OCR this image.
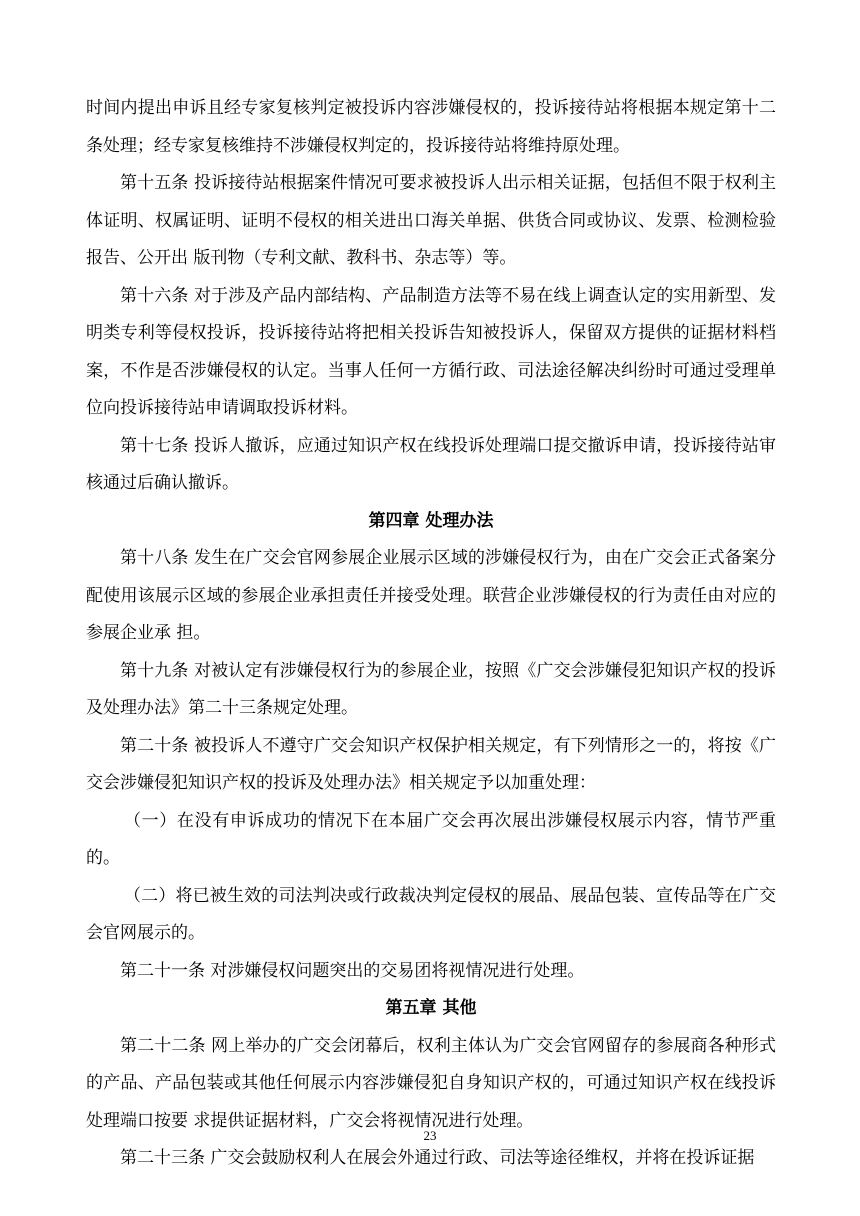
时间内提出申诉且经专家复核判定被投诉内容涉嫌侵权的，投诉接待站将根据本规定第十二条处理；经专家复核维持不涉嫌侵权判定的，投诉接待站将维持原处理。

第十五条 投诉接待站根据案件情况可要求被投诉人出示相关证据，包括但不限于权利主体证明、权属证明、证明不侵权的相关进出口海关单据、供货合同或协议、发票、检测检验报告、公开出 版刊物（专利文献、教科书、杂志等）等。

第十六条 对于涉及产品内部结构、产品制造方法等不易在线上调查认定的实用新型、发明类专利等侵权投诉，投诉接待站将把相关投诉告知被投诉人，保留双方提供的证据材料档案，不作是否涉嫌侵权的认定。当事人任何一方循行政、司法途径解决纠纷时可通过受理单位向投诉接待站申请调取投诉材料。

第十七条 投诉人撤诉，应通过知识产权在线投诉处理端口提交撤诉申请，投诉接待站审核通过后确认撤诉。

第四章 处理办法

第十八条 发生在广交会官网参展企业展示区域的涉嫌侵权行为，由在广交会正式备案分配使用该展示区域的参展企业承担责任并接受处理。联营企业涉嫌侵权的行为责任由对应的参展企业承 担。

第十九条 对被认定有涉嫌侵权行为的参展企业，按照《广交会涉嫌侵犯知识产权的投诉及处理办法》第二十三条规定处理。

第二十条 被投诉人不遵守广交会知识产权保护相关规定，有下列情形之一的，将按《广交会涉嫌侵犯知识产权的投诉及处理办法》相关规定予以加重处理：

（一）在没有申诉成功的情况下在本届广交会再次展出涉嫌侵权展示内容，情节严重的。

（二）将已被生效的司法判决或行政裁决判定侵权的展品、展品包装、宣传品等在广交会官网展示的。

第二十一条 对涉嫌侵权问题突出的交易团将视情况进行处理。

第五章 其他

第二十二条 网上举办的广交会闭幕后，权利主体认为广交会官网留存的参展商各种形式的产品、产品包装或其他任何展示内容涉嫌侵犯自身知识产权的，可通过知识产权在线投诉处理端口按要 求提供证据材料，广交会将视情况进行处理。

第二十三条 广交会鼓励权利人在展会外通过行政、司法等途径维权，并将在投诉证据

23
